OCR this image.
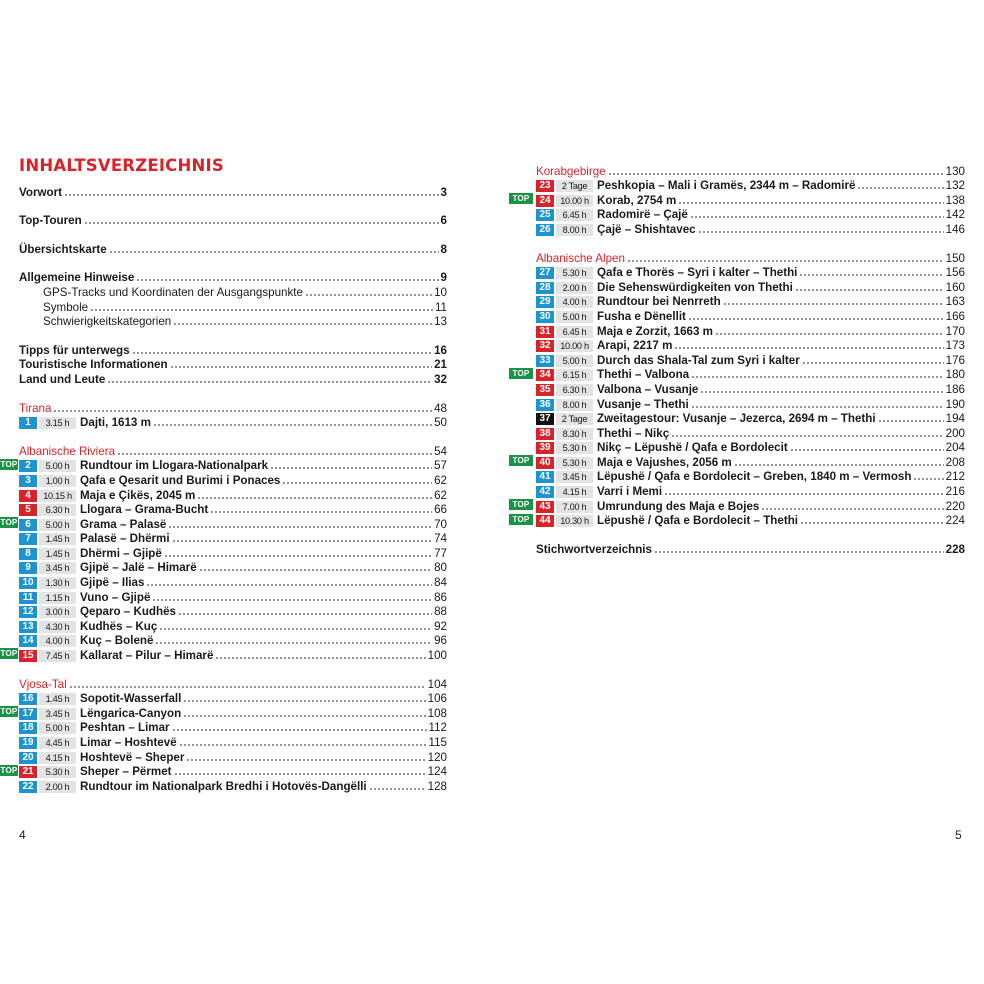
INHALTSVERZEICHNIS
Vorwort	3
Top-Touren	6
Übersichtskarte	8
Allgemeine Hinweise	9
GPS-Tracks und Koordinaten der Ausgangspunkte	10
Symbole	11
Schwierigkeitskategorien	13
Tipps für unterwegs	16
Touristische Informationen	21
Land und Leute	32
Tirana	48
1	3.15 h Dajti, 1613 m	50
Albanische Riviera	54
TOP 2	5.00 h Rundtour im Llogara-Nationalpark	57
3	1.00 h Qafa e Qesarit und Burimi i Ponaces	62
4	10.15 h Maja e Çikës, 2045 m	62
5	6.30 h Llogara – Grama-Bucht	66
TOP 6	5.00 h Grama – Palasë	70
7	1.45 h Palasë – Dhërmi	74
8	1.45 h Dhërmi – Gjipë	77
9	3.45 h Gjipë – Jalë – Himarë	80
10	1.30 h Gjipë – Ilias	84
11	1.15 h Vuno – Gjipë	86
12	3.00 h Qeparo – Kudhës	88
13	4.30 h Kudhës – Kuç	92
14	4.00 h Kuç – Bolenë	96
TOP 15	7.45 h Kallarat – Pilur – Himarë	100
Vjosa-Tal	104
16	1.45 h Sopotit-Wasserfall	106
TOP 17	3.45 h Lëngarica-Canyon	108
18	5.00 h Peshtan – Limar	112
19	4.45 h Limar – Hoshtevë	115
20	4.15 h Hoshtevë – Sheper	120
TOP 21	5.30 h Sheper – Përmet	124
22	2.00 h Rundtour im Nationalpark Bredhi i Hotovës-Dangëlli	128
Korabgebirge	130
23	2 Tage Peshkopia – Mali i Gramës, 2344 m – Radomirë	132
TOP 24	10.00 h Korab, 2754 m	138
25	6.45 h Radomirë – Çajë	142
26	8.00 h Çajë – Shishtavec	146
Albanische Alpen	150
27	5.30 h Qafa e Thorës – Syri i kalter – Thethi	156
28	2.00 h Die Sehenswürdigkeiten von Thethi	160
29	4.00 h Rundtour bei Nenrreth	163
30	5.00 h Fusha e Dënellit	166
31	6.45 h Maja e Zorzit, 1663 m	170
32	10.00 h Arapi, 2217 m	173
33	5.00 h Durch das Shala-Tal zum Syri i kalter	176
TOP 34	6.15 h Thethi – Valbona	180
35	6.30 h Valbona – Vusanje	186
36	8.00 h Vusanje – Thethi	190
37	2 Tage Zweitagestour: Vusanje – Jezerca, 2694 m – Thethi	194
38	8.30 h Thethi – Nikç	200
39	5.30 h Nikç – Lëpushë / Qafa e Bordolecit	204
TOP 40	5.30 h Maja e Vajushes, 2056 m	208
41	3.45 h Lëpushë / Qafa e Bordolecit – Greben, 1840 m – Vermosh	212
42	4.15 h Varri i Memi	216
TOP 43	7.00 h Umrundung des Maja e Bojes	220
TOP 44	10.30 h Lëpushë / Qafa e Bordolecit – Thethi	224
Stichwortverzeichnis	228
4	5
